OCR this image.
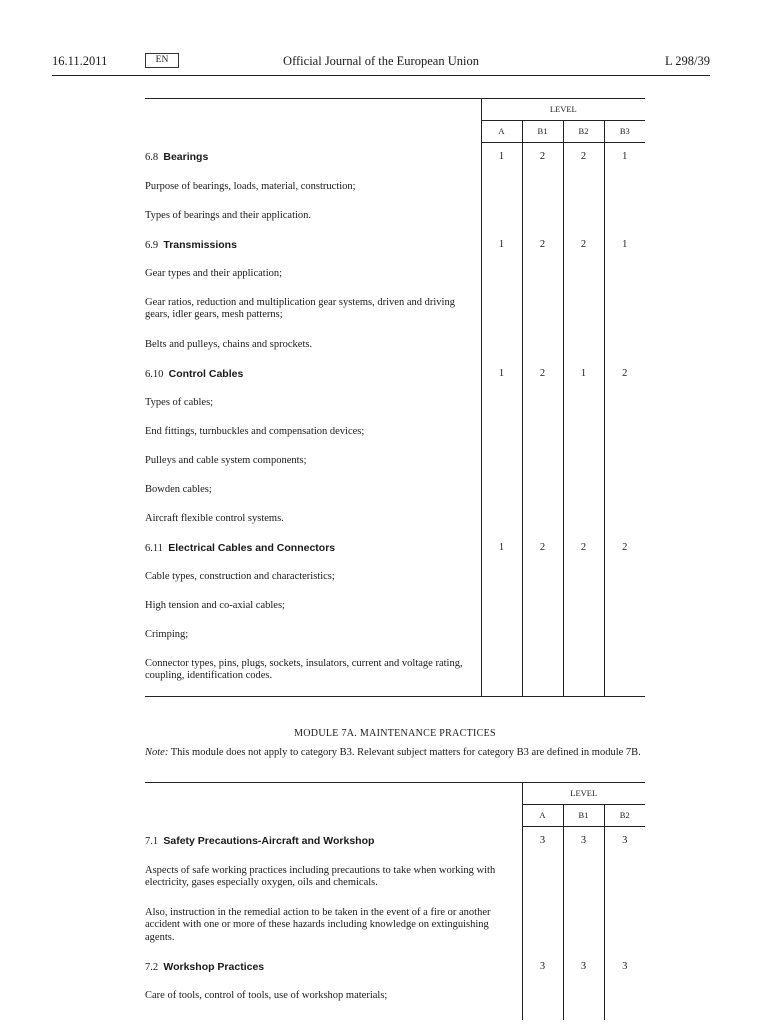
16.11.2011	EN	Official Journal of the European Union	L 298/39
	LEVEL			
	A	B1	B2	B3
6.8 Bearings	1	2	2	1
Purpose of bearings, loads, material, construction;				
Types of bearings and their application.				
6.9 Transmissions	1	2	2	1
Gear types and their application;				
Gear ratios, reduction and multiplication gear systems, driven and driving gears, idler gears, mesh patterns;				
Belts and pulleys, chains and sprockets.				
6.10 Control Cables	1	2	1	2
Types of cables;				
End fittings, turnbuckles and compensation devices;				
Pulleys and cable system components;				
Bowden cables;				
Aircraft flexible control systems.				
6.11 Electrical Cables and Connectors	1	2	2	2
Cable types, construction and characteristics;				
High tension and co-axial cables;				
Crimping;				
Connector types, pins, plugs, sockets, insulators, current and voltage rating, coupling, identification codes.				
MODULE 7A. MAINTENANCE PRACTICES
Note: This module does not apply to category B3. Relevant subject matters for category B3 are defined in module 7B.
	LEVEL		
	A	B1	B2
7.1 Safety Precautions-Aircraft and Workshop	3	3	3
Aspects of safe working practices including precautions to take when working with electricity, gases especially oxygen, oils and chemicals.			
Also, instruction in the remedial action to be taken in the event of a fire or another accident with one or more of these hazards including knowledge on extinguishing agents.			
7.2 Workshop Practices	3	3	3
Care of tools, control of tools, use of workshop materials;			
